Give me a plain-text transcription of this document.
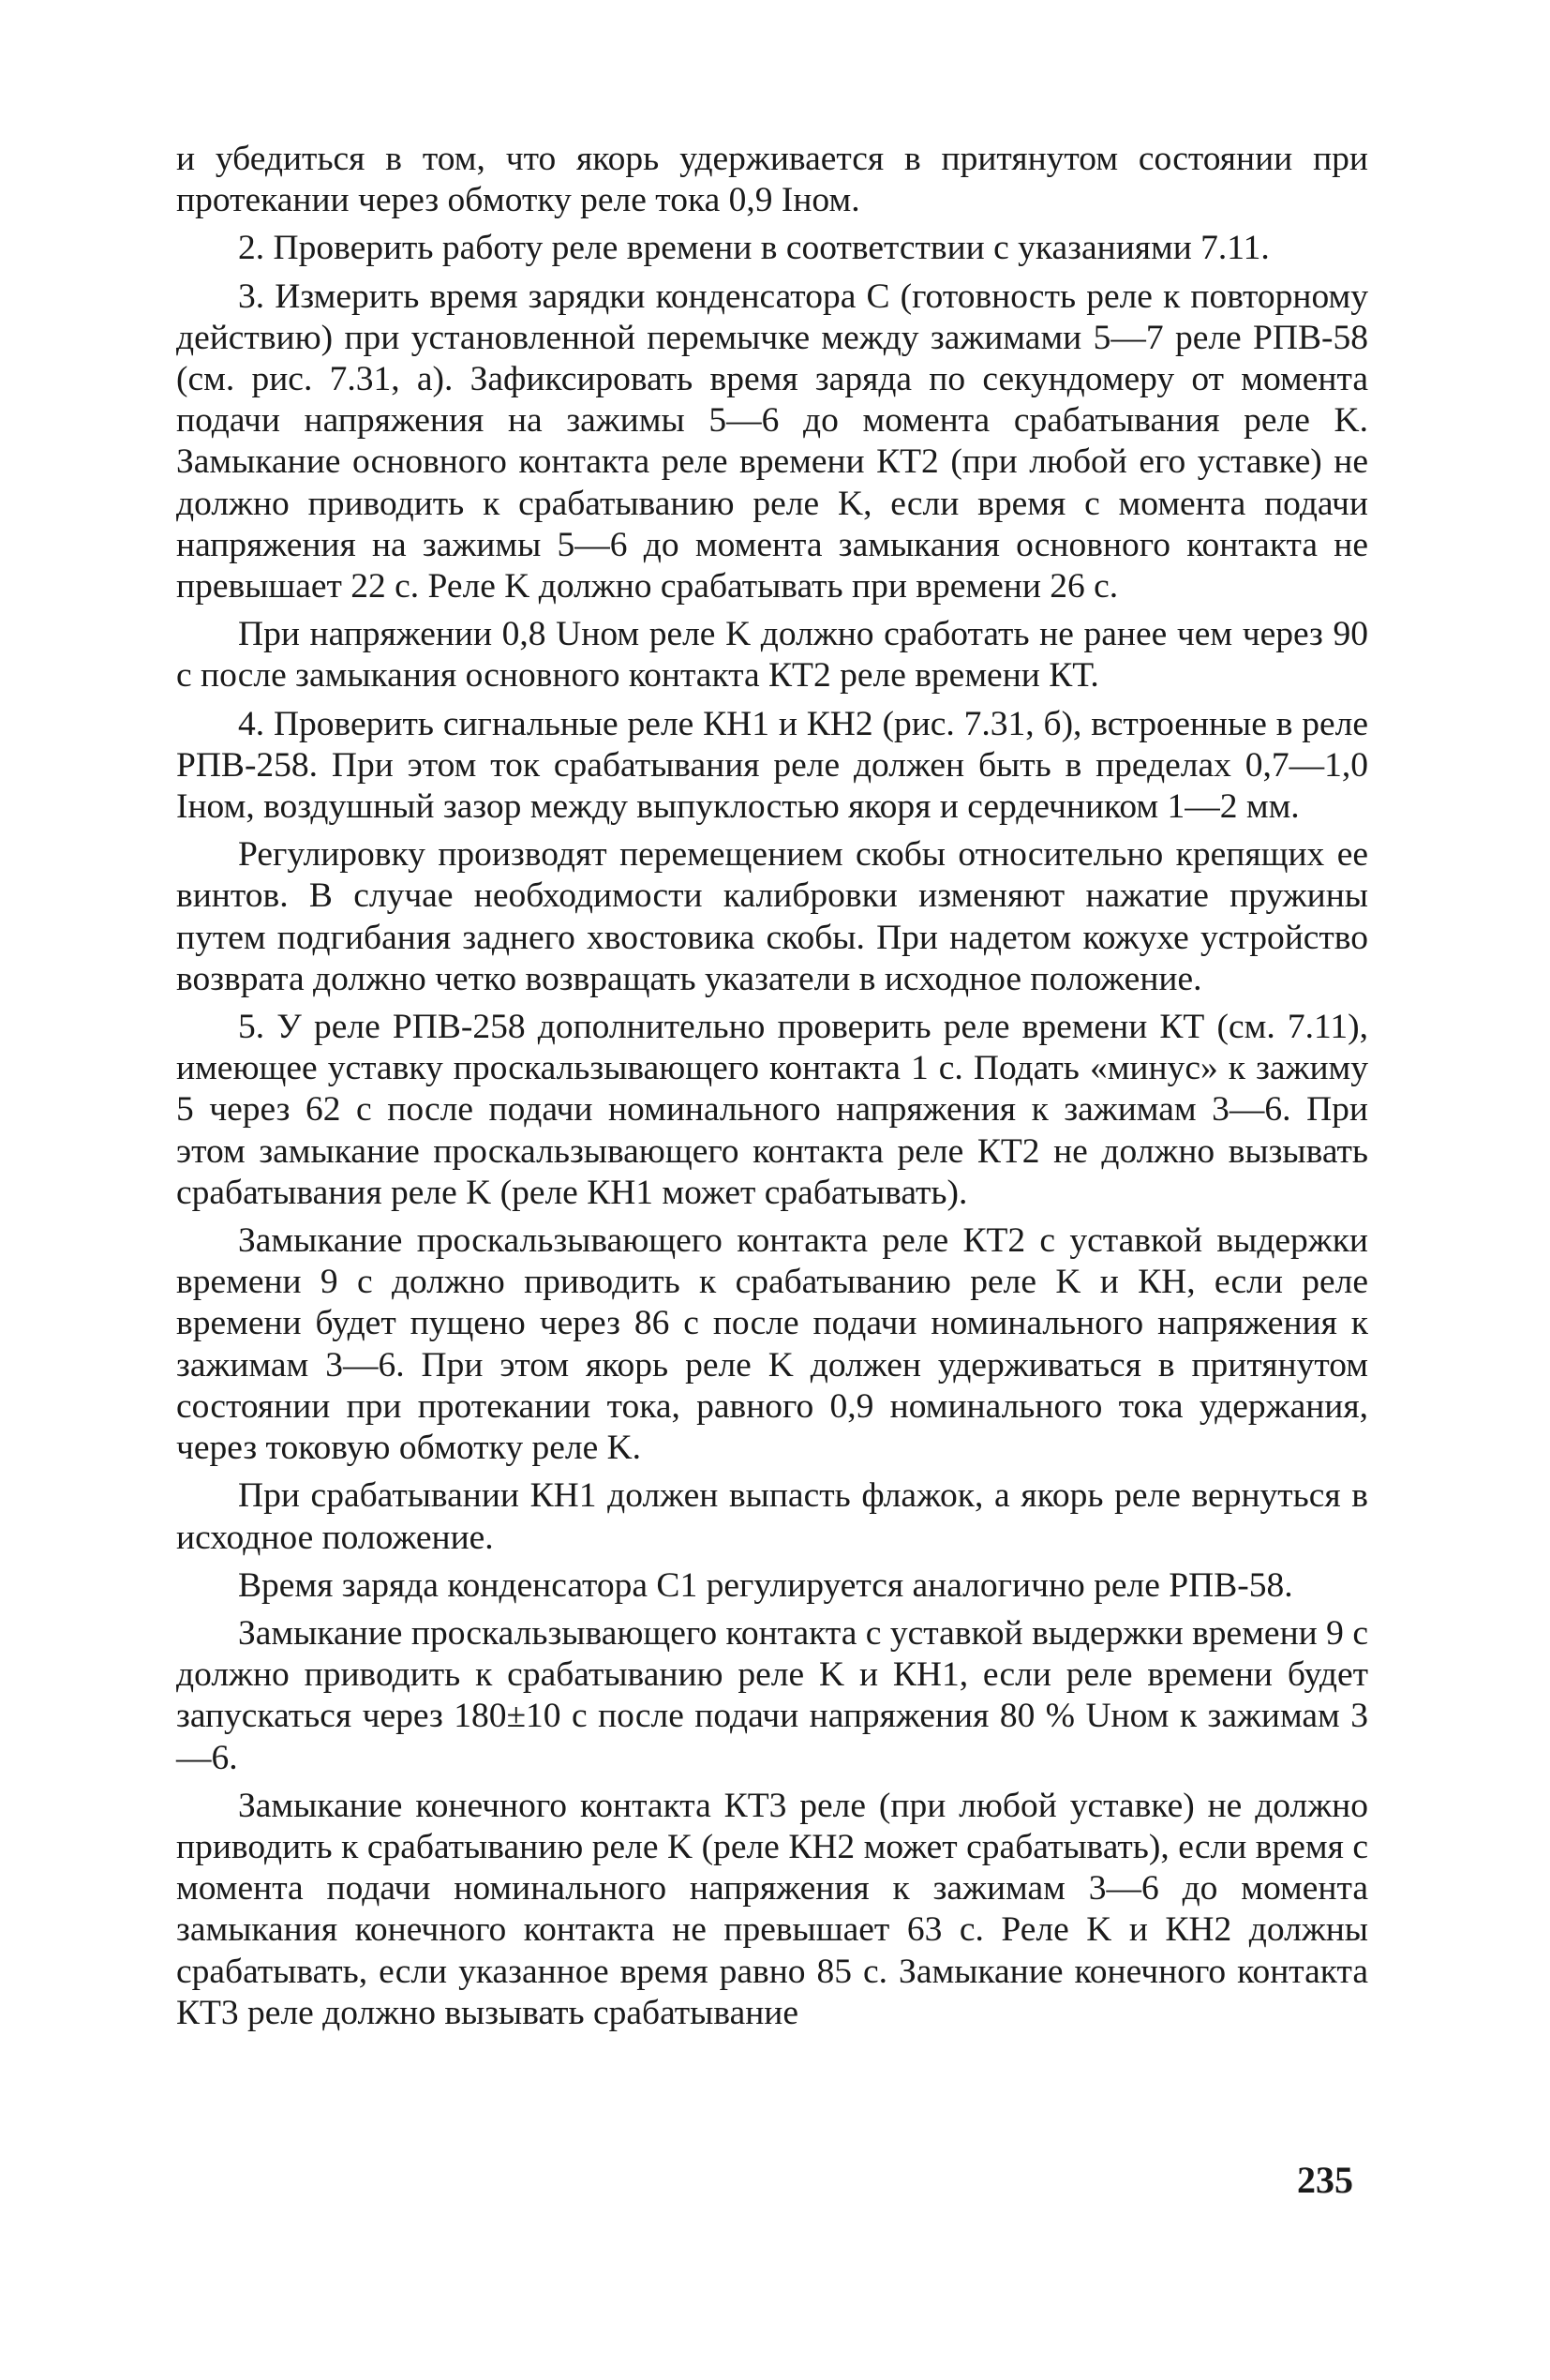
и убедиться в том, что якорь удерживается в притянутом состоянии при протекании через обмотку реле тока 0,9 Iном.

2. Проверить работу реле времени в соответствии с указаниями 7.11.

3. Измерить время зарядки конденсатора C (готовность реле к повторному действию) при установленной перемычке между зажимами 5—7 реле РПВ-58 (см. рис. 7.31, а). Зафиксировать время заряда по секундомеру от момента подачи напряжения на зажимы 5—6 до момента срабатывания реле K. Замыкание основного контакта реле времени КТ2 (при любой его уставке) не должно приводить к срабатыванию реле K, если время с момента подачи напряжения на зажимы 5—6 до момента замыкания основного контакта не превышает 22 с. Реле K должно срабатывать при времени 26 с.

При напряжении 0,8 Uном реле K должно сработать не ранее чем через 90 с после замыкания основного контакта КТ2 реле времени КТ.

4. Проверить сигнальные реле КН1 и КН2 (рис. 7.31, б), встроенные в реле РПВ-258. При этом ток срабатывания реле должен быть в пределах 0,7—1,0 Iном, воздушный зазор между выпуклостью якоря и сердечником 1—2 мм.

Регулировку производят перемещением скобы относительно крепящих ее винтов. В случае необходимости калибровки изменяют нажатие пружины путем подгибания заднего хвостовика скобы. При надетом кожухе устройство возврата должно четко возвращать указатели в исходное положение.

5. У реле РПВ-258 дополнительно проверить реле времени КТ (см. 7.11), имеющее уставку проскальзывающего контакта 1 с. Подать «минус» к зажиму 5 через 62 с после подачи номинального напряжения к зажимам 3—6. При этом замыкание проскальзывающего контакта реле КТ2 не должно вызывать срабатывания реле K (реле КН1 может срабатывать).

Замыкание проскальзывающего контакта реле КТ2 с уставкой выдержки времени 9 с должно приводить к срабатыванию реле K и КН, если реле времени будет пущено через 86 с после подачи номинального напряжения к зажимам 3—6. При этом якорь реле K должен удерживаться в притянутом состоянии при протекании тока, равного 0,9 номинального тока удержания, через токовую обмотку реле K.

При срабатывании КН1 должен выпасть флажок, а якорь реле вернуться в исходное положение.

Время заряда конденсатора С1 регулируется аналогично реле РПВ-58.

Замыкание проскальзывающего контакта с уставкой выдержки времени 9 с должно приводить к срабатыванию реле K и КН1, если реле времени будет запускаться через 180±10 с после подачи напряжения 80 % Uном к зажимам 3—6.

Замыкание конечного контакта КТ3 реле (при любой уставке) не должно приводить к срабатыванию реле K (реле КН2 может срабатывать), если время с момента подачи номинального напряжения к зажимам 3—6 до момента замыкания конечного контакта не превышает 63 с. Реле K и КН2 должны срабатывать, если указанное время равно 85 с. Замыкание конечного контакта КТ3 реле должно вызывать срабатывание

235
